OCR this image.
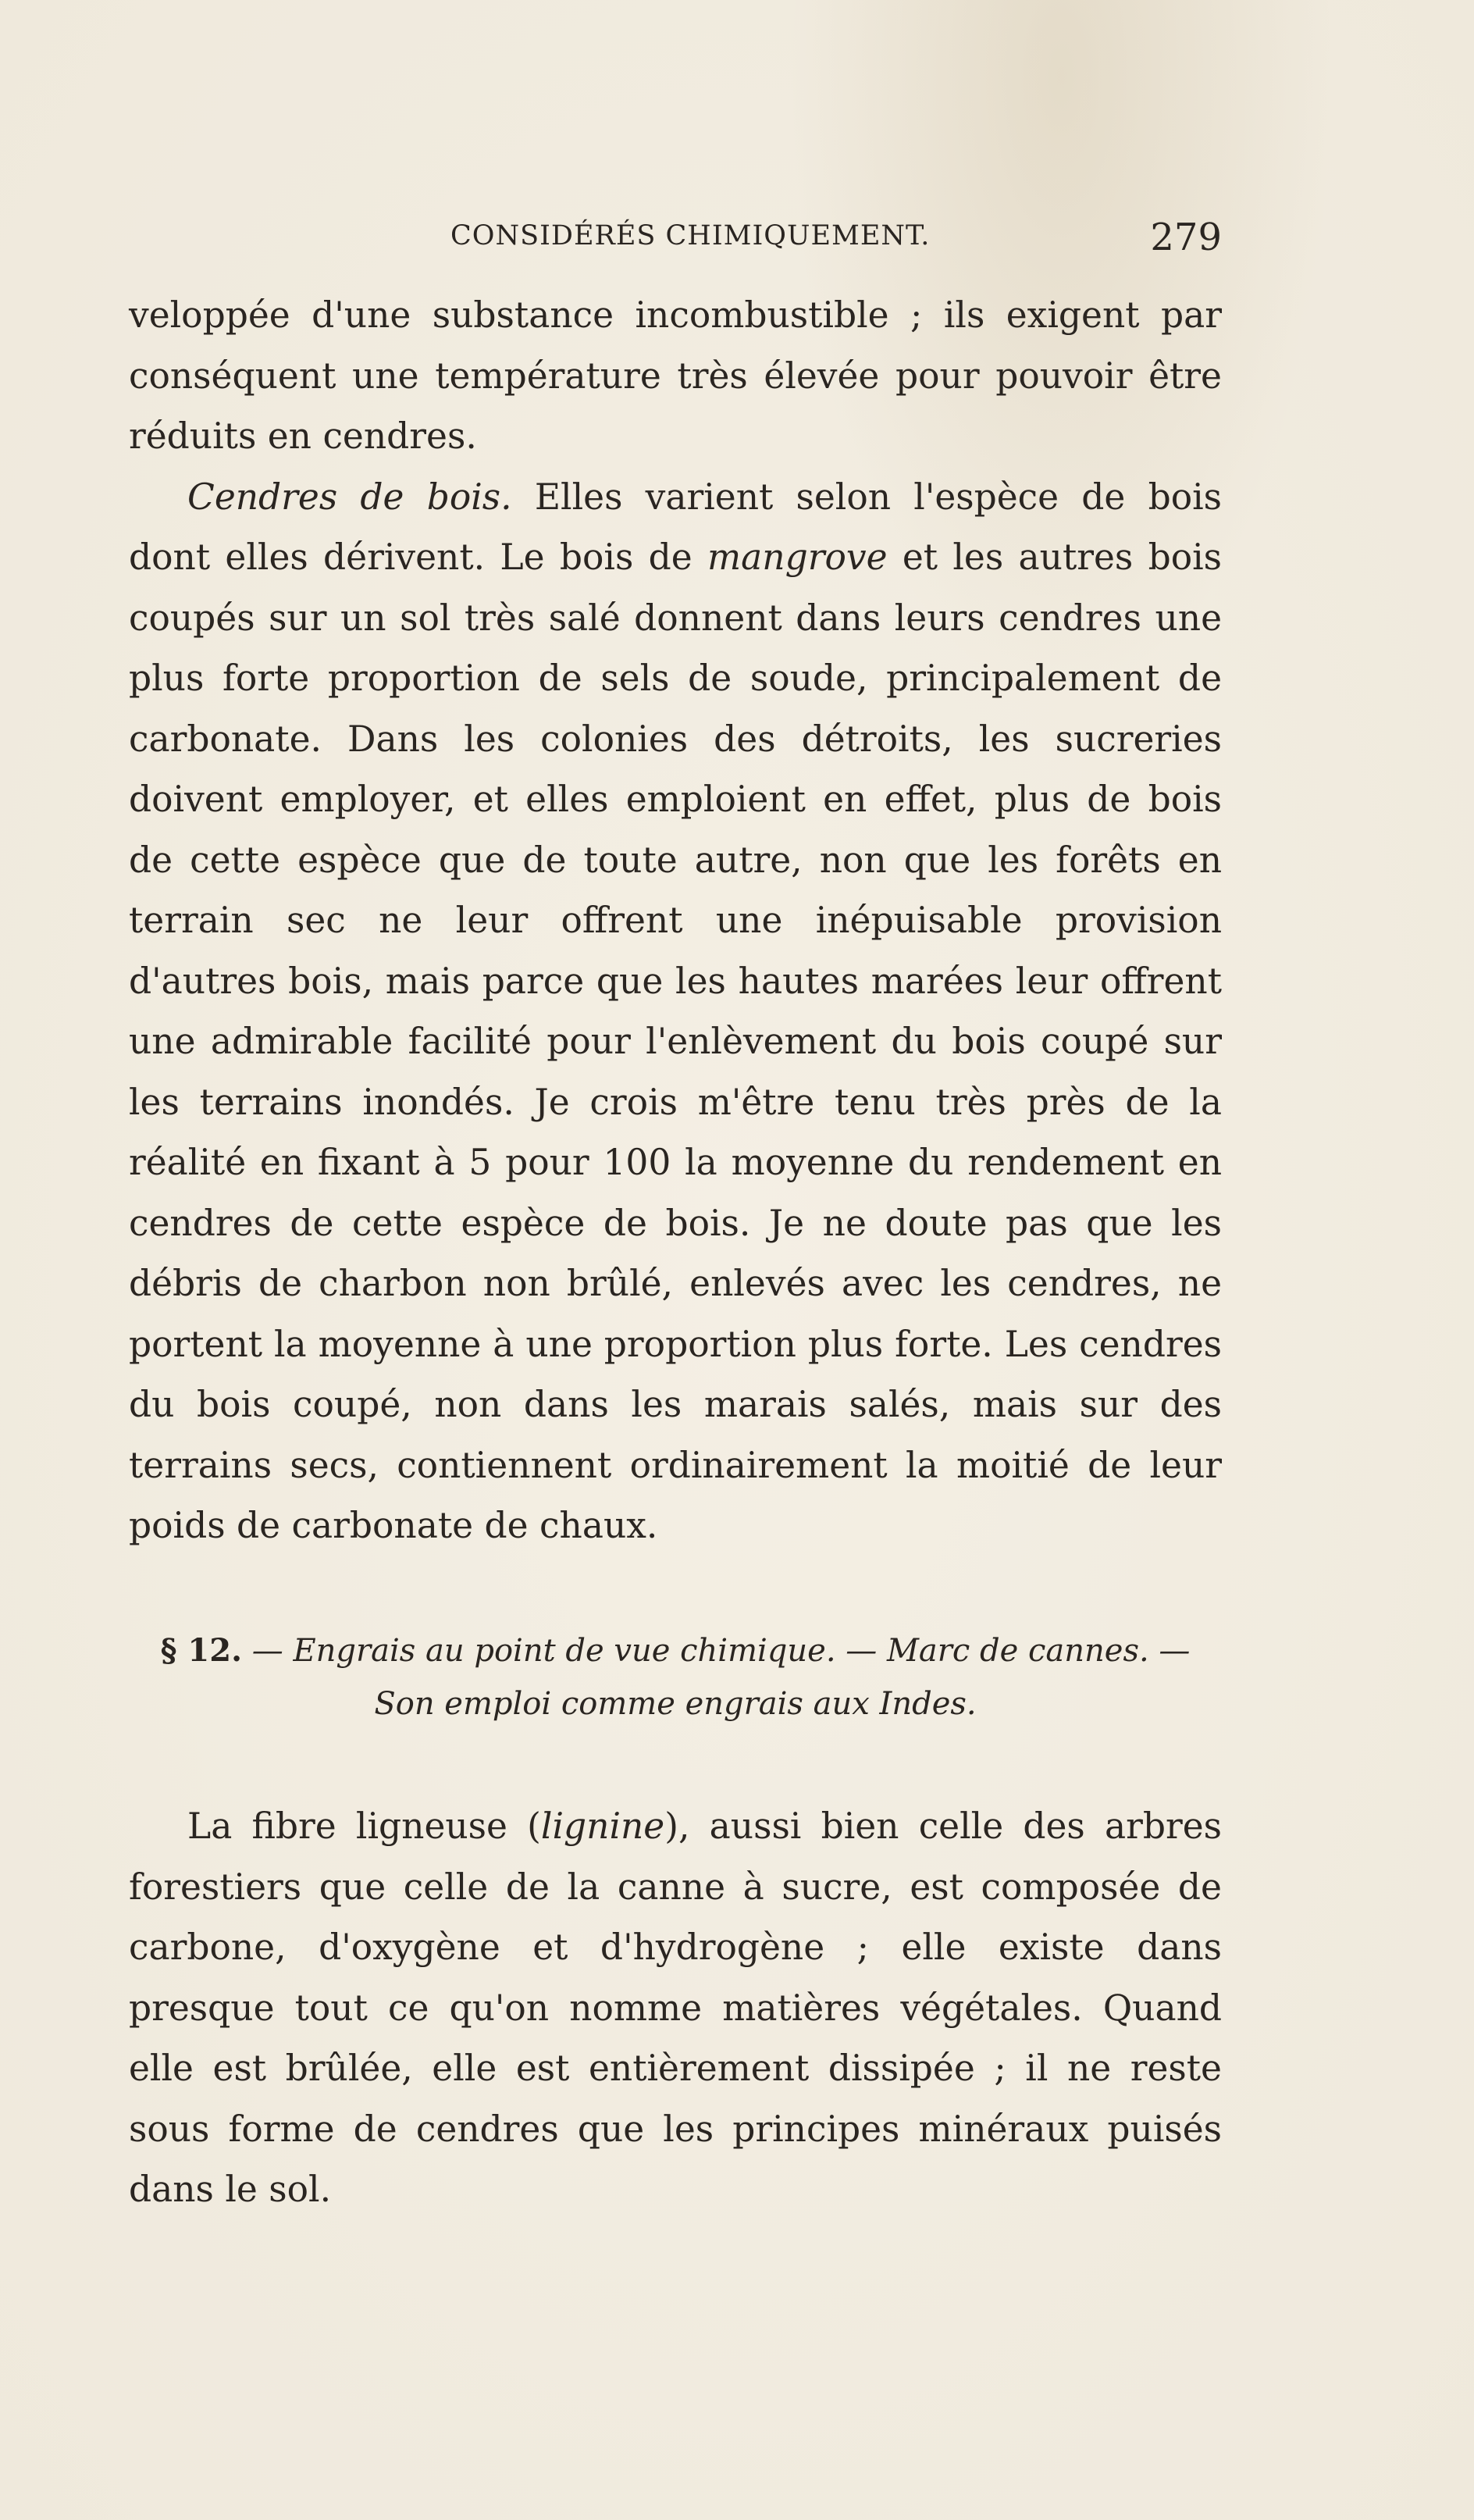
CONSIDÉRÉS CHIMIQUEMENT.	279

veloppée d'une substance incombustible ; ils exigent par conséquent une température très élevée pour pouvoir être réduits en cendres.

Cendres de bois. Elles varient selon l'espèce de bois dont elles dérivent. Le bois de mangrove et les autres bois coupés sur un sol très salé donnent dans leurs cendres une plus forte proportion de sels de soude, principalement de carbonate. Dans les colonies des détroits, les sucreries doivent employer, et elles emploient en effet, plus de bois de cette espèce que de toute autre, non que les forêts en terrain sec ne leur offrent une inépuisable provision d'autres bois, mais parce que les hautes marées leur offrent une admirable facilité pour l'enlèvement du bois coupé sur les terrains inondés. Je crois m'être tenu très près de la réalité en fixant à 5 pour 100 la moyenne du rendement en cendres de cette espèce de bois. Je ne doute pas que les débris de charbon non brûlé, enlevés avec les cendres, ne portent la moyenne à une proportion plus forte. Les cendres du bois coupé, non dans les marais salés, mais sur des terrains secs, contiennent ordinairement la moitié de leur poids de carbonate de chaux.

§ 12. — Engrais au point de vue chimique. — Marc de cannes. —
Son emploi comme engrais aux Indes.

La fibre ligneuse (lignine), aussi bien celle des arbres forestiers que celle de la canne à sucre, est composée de carbone, d'oxygène et d'hydrogène ; elle existe dans presque tout ce qu'on nomme matières végétales. Quand elle est brûlée, elle est entièrement dissipée ; il ne reste sous forme de cendres que les principes minéraux puisés dans le sol.
